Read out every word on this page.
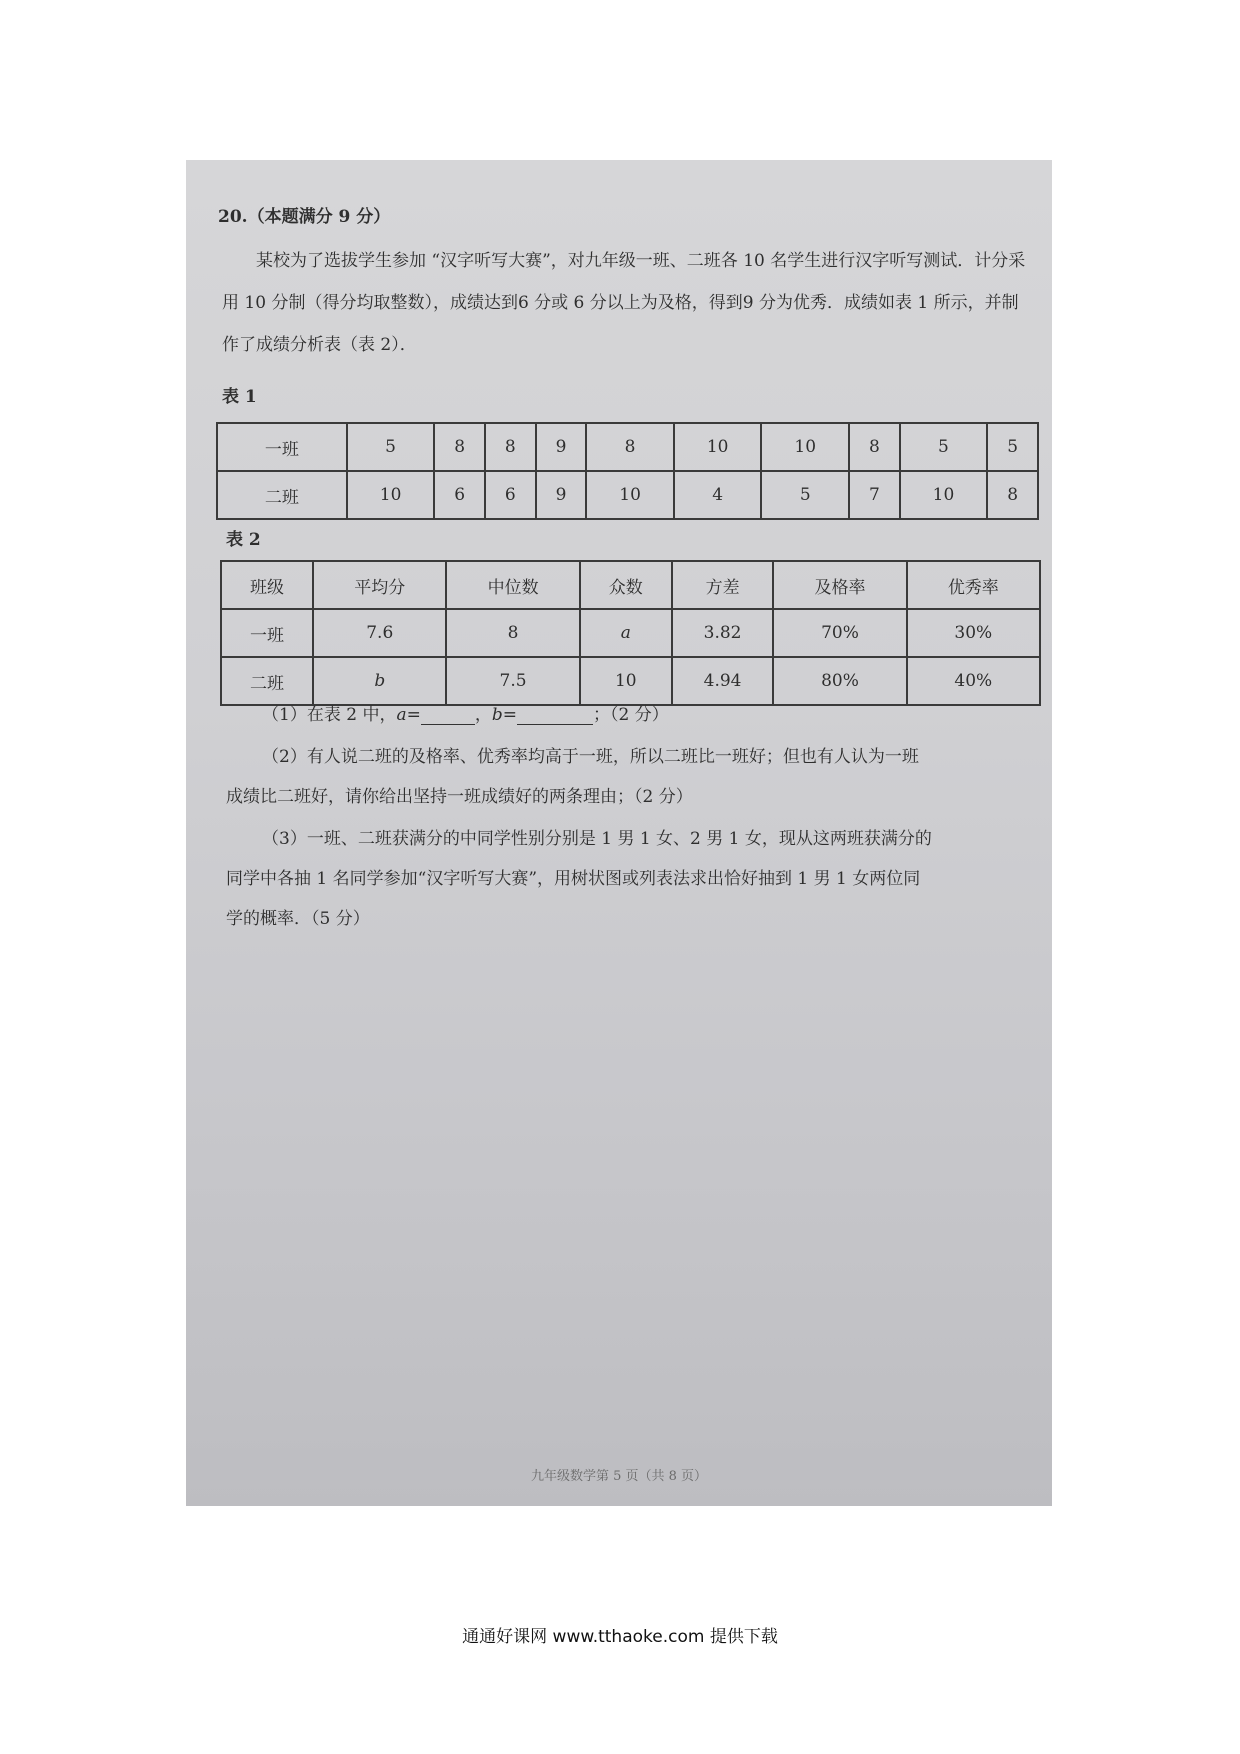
20.（本题满分 9 分）
某校为了选拔学生参加 “汉字听写大赛”，对九年级一班、二班各 10 名学生进行汉字听写测试．计分采用 10 分制（得分均取整数），成绩达到6 分或 6 分以上为及格，得到9 分为优秀．成绩如表 1 所示，并制作了成绩分析表（表 2）．
表 1
一班	5	8	8	9	8	10	10	8	5	5
二班	10	6	6	9	10	4	5	7	10	8
表 2
班级	平均分	中位数	众数	方差	及格率	优秀率
一班	7.6	8	a	3.82	70%	30%
二班	b	7.5	10	4.94	80%	40%
（1）在表 2 中，a=	，b=	；（2 分）
（2）有人说二班的及格率、优秀率均高于一班，所以二班比一班好；但也有人认为一班
成绩比二班好，请你给出坚持一班成绩好的两条理由；（2 分）
（3）一班、二班获满分的中同学性别分别是 1 男 1 女、2 男 1 女，现从这两班获满分的
同学中各抽 1 名同学参加“汉字听写大赛”，用树状图或列表法求出恰好抽到 1 男 1 女两位同
学的概率．（5 分）
九年级数学第 5 页（共 8 页）
通通好课网 www.tthaoke.com 提供下载
